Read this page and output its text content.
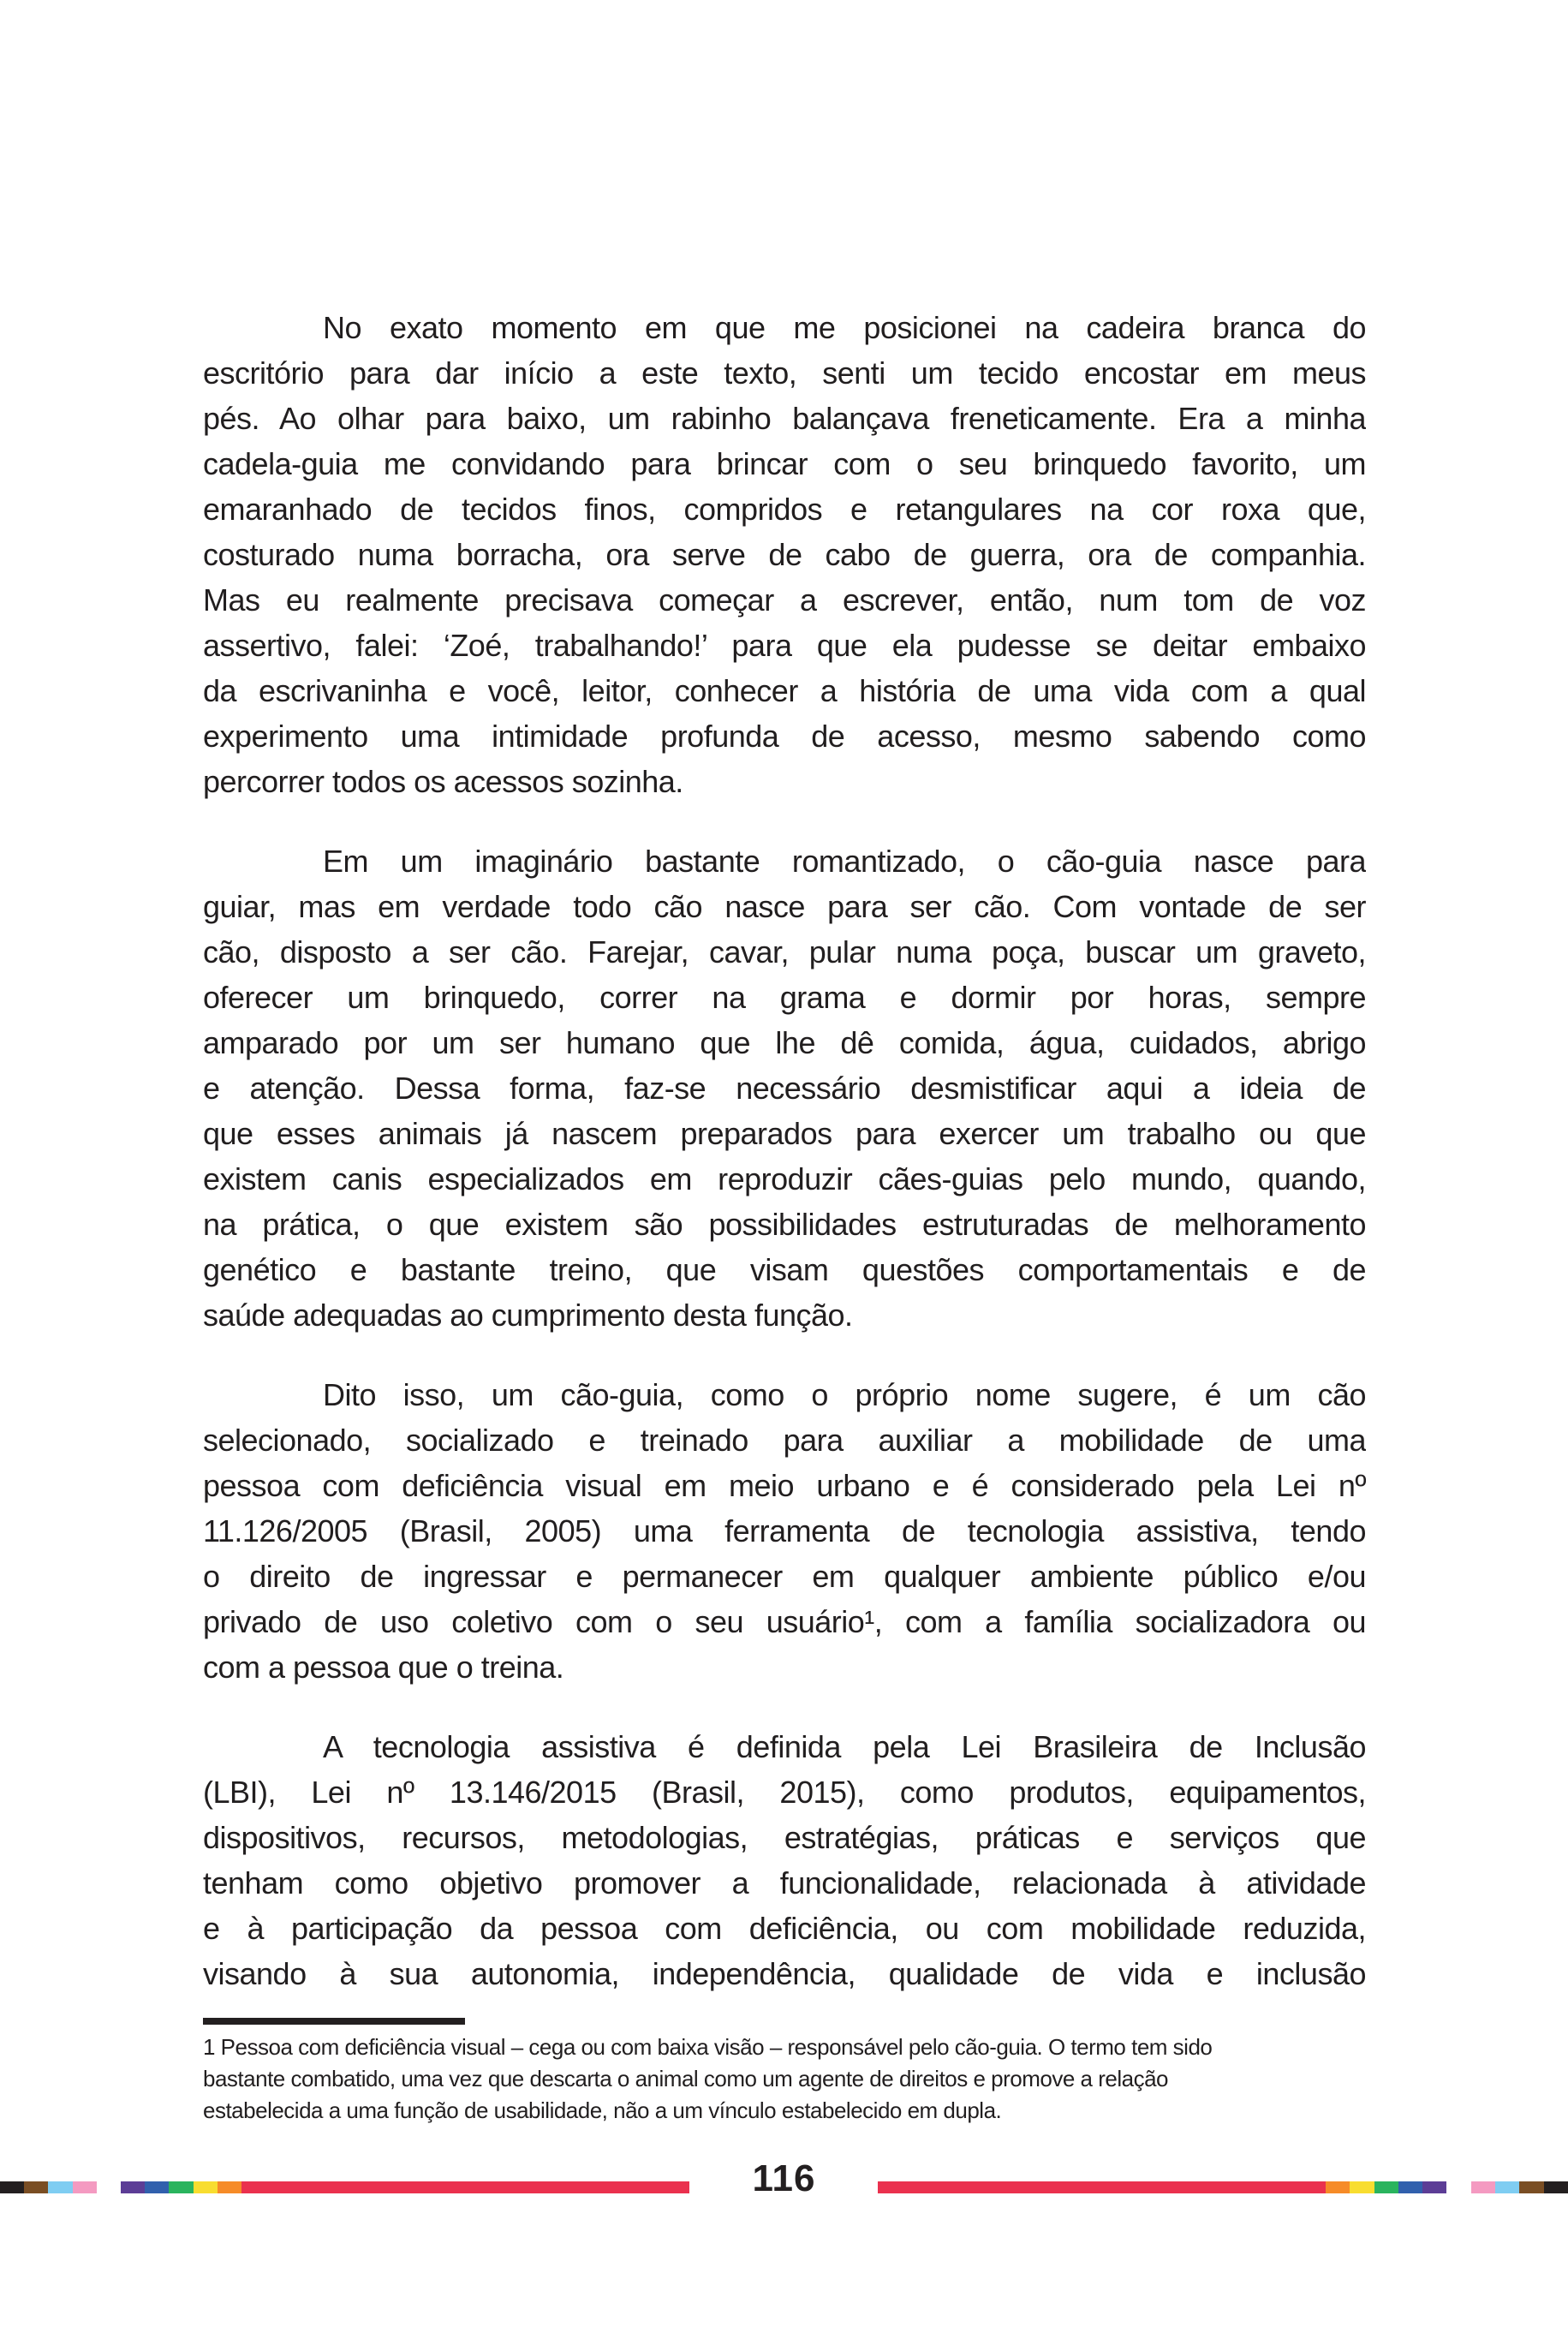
No exato momento em que me posicionei na cadeira branca do
escritório para dar início a este texto, senti um tecido encostar em meus
pés. Ao olhar para baixo, um rabinho balançava freneticamente. Era a minha
cadela-guia me convidando para brincar com o seu brinquedo favorito, um
emaranhado de tecidos finos, compridos e retangulares na cor roxa que,
costurado numa borracha, ora serve de cabo de guerra, ora de companhia.
Mas eu realmente precisava começar a escrever, então, num tom de voz
assertivo, falei: ‘Zoé, trabalhando!’ para que ela pudesse se deitar embaixo
da escrivaninha e você, leitor, conhecer a história de uma vida com a qual
experimento uma intimidade profunda de acesso, mesmo sabendo como
percorrer todos os acessos sozinha.
Em um imaginário bastante romantizado, o cão-guia nasce para
guiar, mas em verdade todo cão nasce para ser cão. Com vontade de ser
cão, disposto a ser cão. Farejar, cavar, pular numa poça, buscar um graveto,
oferecer um brinquedo, correr na grama e dormir por horas, sempre
amparado por um ser humano que lhe dê comida, água, cuidados, abrigo
e atenção. Dessa forma, faz-se necessário desmistificar aqui a ideia de
que esses animais já nascem preparados para exercer um trabalho ou que
existem canis especializados em reproduzir cães-guias pelo mundo, quando,
na prática, o que existem são possibilidades estruturadas de melhoramento
genético e bastante treino, que visam questões comportamentais e de
saúde adequadas ao cumprimento desta função.
Dito isso, um cão-guia, como o próprio nome sugere, é um cão
selecionado, socializado e treinado para auxiliar a mobilidade de uma
pessoa com deficiência visual em meio urbano e é considerado pela Lei nº
11.126/2005 (Brasil, 2005) uma ferramenta de tecnologia assistiva, tendo
o direito de ingressar e permanecer em qualquer ambiente público e/ou
privado de uso coletivo com o seu usuário¹, com a família socializadora ou
com a pessoa que o treina.
A tecnologia assistiva é definida pela Lei Brasileira de Inclusão
(LBI), Lei nº 13.146/2015 (Brasil, 2015), como produtos, equipamentos,
dispositivos, recursos, metodologias, estratégias, práticas e serviços que
tenham como objetivo promover a funcionalidade, relacionada à atividade
e à participação da pessoa com deficiência, ou com mobilidade reduzida,
visando à sua autonomia, independência, qualidade de vida e inclusão
1 Pessoa com deficiência visual – cega ou com baixa visão – responsável pelo cão-guia. O termo tem sido
bastante combatido, uma vez que descarta o animal como um agente de direitos e promove a relação
estabelecida a uma função de usabilidade, não a um vínculo estabelecido em dupla.
116
